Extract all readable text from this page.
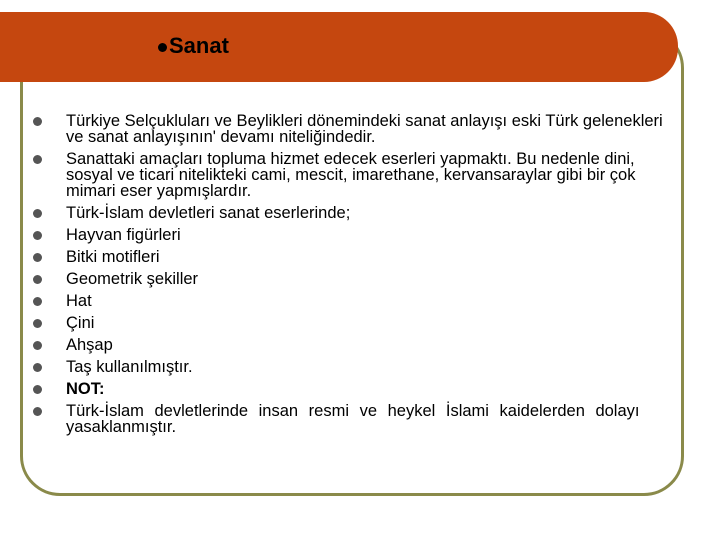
Sanat
Türkiye Selçukluları ve Beylikleri dönemindeki sanat anlayışı eski Türk gelenekleri ve sanat anlayışının' devamı niteliğindedir.
Sanattaki amaçları topluma hizmet edecek eserleri yapmaktı. Bu nedenle dini, sosyal ve ticari nitelikteki cami, mescit, imarethane, kervansaraylar gibi bir çok mimari eser yapmışlardır.
Türk-İslam devletleri sanat eserlerinde;
Hayvan figürleri
Bitki motifleri
Geometrik şekiller
Hat
Çini
Ahşap
Taş kullanılmıştır.
NOT:
Türk-İslam devletlerinde insan resmi ve heykel İslami kaidelerden dolayı yasaklanmıştır.
